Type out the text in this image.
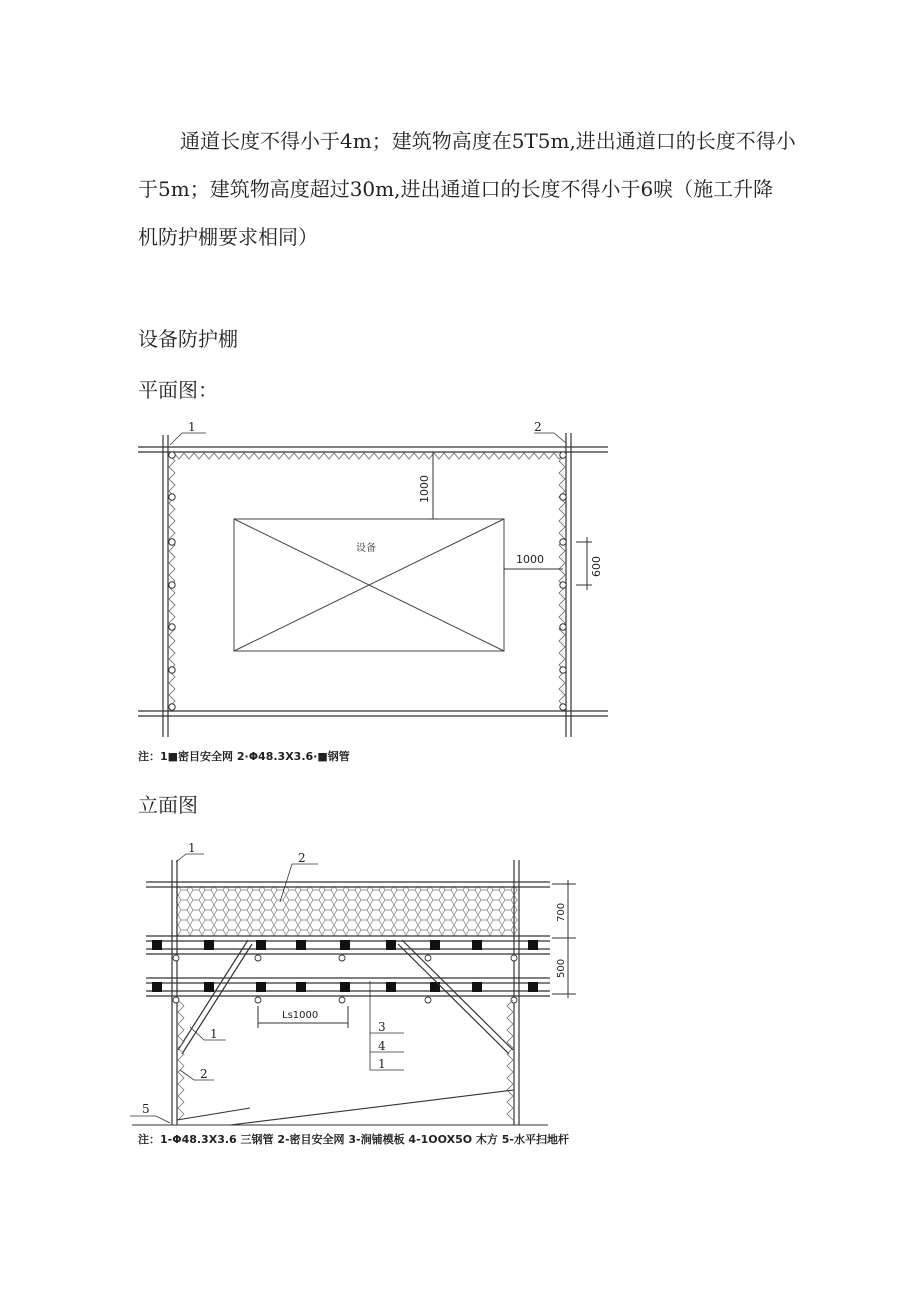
通道长度不得小于4m；建筑物高度在5T5m,进出通道口的长度不得小
于5m；建筑物高度超过30m,进出通道口的长度不得小于6唳（施工升降
机防护棚要求相同）
设备防护棚
平面图：
设备
1000
1000	600
1	2
注：1■密目安全网 2·Φ48.3X3.6·■钢管
立面图
Ls1000
700
500
3
4
1
1
2
1
2
5
注：1-Φ48.3X3.6 三钢管 2-密目安全网 3-涧铺模板 4-1OOX5O 木方 5-水平扫地杆
